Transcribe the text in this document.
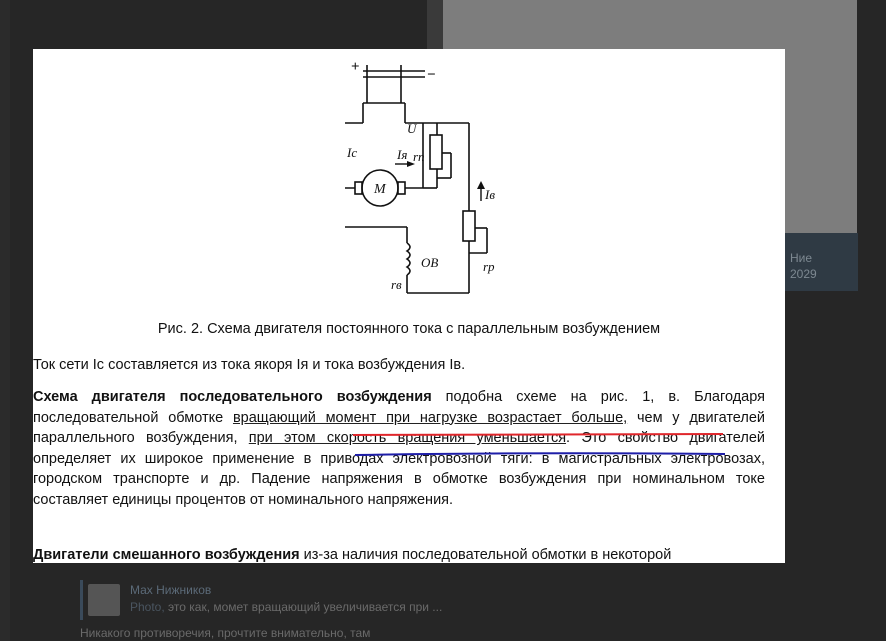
Ние
2029
Мах Нижников
Photo, это как, момет вращающий увеличивается при ...
Никакого противоречия, прочтите внимательно, там
+	−
U
Iс	Iя rп
M	Iв
rр
ОВ
rв
Рис. 2. Схема двигателя постоянного тока с параллельным возбуждением
Ток сети Ic составляется из тока якоря Iя и тока возбуждения Iв.
Схема двигателя последовательного возбуждения подобна схеме на рис. 1, в. Благодаря последовательной обмотке вращающий момент при нагрузке возрастает больше, чем у двигателей параллельного возбуждения, при этом скорость вращения уменьшается. Это свойство двигателей определяет их широкое применение в приводах электровозной тяги: в магистральных электровозах, городском транспорте и др. Падение напряжения в обмотке возбуждения при номинальном токе составляет единицы процентов от номинального напряжения.
Двигатели смешанного возбуждения из-за наличия последовательной обмотки в некоторой
